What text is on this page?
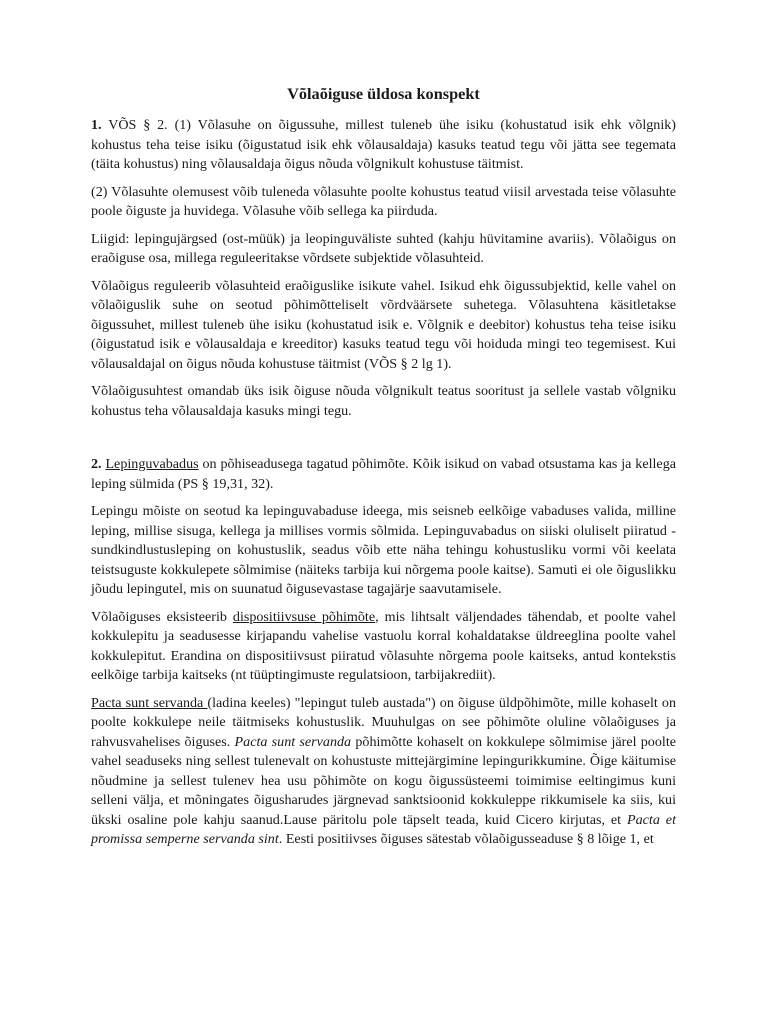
Võlaõiguse üldosa konspekt

1. VÕS § 2. (1) Võlasuhe on õigussuhe, millest tuleneb ühe isiku (kohustatud isik ehk võlgnik) kohustus teha teise isiku (õigustatud isik ehk võlausaldaja) kasuks teatud tegu või jätta see tegemata (täita kohustus) ning võlausaldaja õigus nõuda võlgnikult kohustuse täitmist.

(2) Võlasuhte olemusest võib tuleneda võlasuhte poolte kohustus teatud viisil arvestada teise võlasuhte poole õiguste ja huvidega. Võlasuhe võib sellega ka piirduda.

Liigid: lepingujärgsed (ost-müük) ja leopinguväliste suhted (kahju hüvitamine avariis). Võlaõigus on eraõiguse osa, millega reguleeritakse võrdsete subjektide võlasuhteid.

Võlaõigus reguleerib võlasuhteid eraõiguslike isikute vahel. Isikud ehk õigussubjektid, kelle vahel on võlaõiguslik suhe on seotud põhimõtteliselt võrdväärsete suhetega. Võlasuhtena käsitletakse õigussuhet, millest tuleneb ühe isiku (kohustatud isik e. Võlgnik e deebitor) kohustus teha teise isiku (õigustatud isik e võlausaldaja e kreeditor) kasuks teatud tegu või hoiduda mingi teo tegemisest. Kui võlausaldajal on õigus nõuda kohustuse täitmist (VÕS § 2 lg 1).

Võlaõigusuhtest omandab üks isik õiguse nõuda võlgnikult teatus sooritust ja sellele vastab võlgniku kohustus teha võlausaldaja kasuks mingi tegu.

2. Lepinguvabadus on põhiseadusega tagatud põhimõte. Kõik isikud on vabad otsustama kas ja kellega leping sülmida (PS § 19,31, 32).

Lepingu mõiste on seotud ka lepinguvabaduse ideega, mis seisneb eelkõige vabaduses valida, milline leping, millise sisuga, kellega ja millises vormis sõlmida. Lepinguvabadus on siiski oluliselt piiratud - sundkindlustusleping on kohustuslik, seadus võib ette näha tehingu kohustusliku vormi või keelata teistsuguste kokkulepete sõlmimise (näiteks tarbija kui nõrgema poole kaitse). Samuti ei ole õiguslikku jõudu lepingutel, mis on suunatud õigusevastase tagajärje saavutamisele.

Võlaõiguses eksisteerib dispositiivsuse põhimõte, mis lihtsalt väljendades tähendab, et poolte vahel kokkulepitu ja seadusesse kirjapandu vahelise vastuolu korral kohaldatakse üldreeglina poolte vahel kokkulepitut. Erandina on dispositiivsust piiratud võlasuhte nõrgema poole kaitseks, antud kontekstis eelkõige tarbija kaitseks (nt tüüptingimuste regulatsioon, tarbijakrediit).

Pacta sunt servanda (ladina keeles) "lepingut tuleb austada") on õiguse üldpõhimõte, mille kohaselt on poolte kokkulepe neile täitmiseks kohustuslik. Muuhulgas on see põhimõte oluline võlaõiguses ja rahvusvahelises õiguses. Pacta sunt servanda põhimõtte kohaselt on kokkulepe sõlmimise järel poolte vahel seaduseks ning sellest tulenevalt on kohustuste mittejärgimine lepingurikkumine. Õige käitumise nõudmine ja sellest tulenev hea usu põhimõte on kogu õigussüsteemi toimimise eeltingimus kuni selleni välja, et mõningates õigusharudes järgnevad sanktsioonid kokkuleppe rikkumisele ka siis, kui ükski osaline pole kahju saanud.Lause päritolu pole täpselt teada, kuid Cicero kirjutas, et Pacta et promissa semperne servanda sint. Eesti positiivses õiguses sätestab võlaõigusseaduse § 8 lõige 1, et
